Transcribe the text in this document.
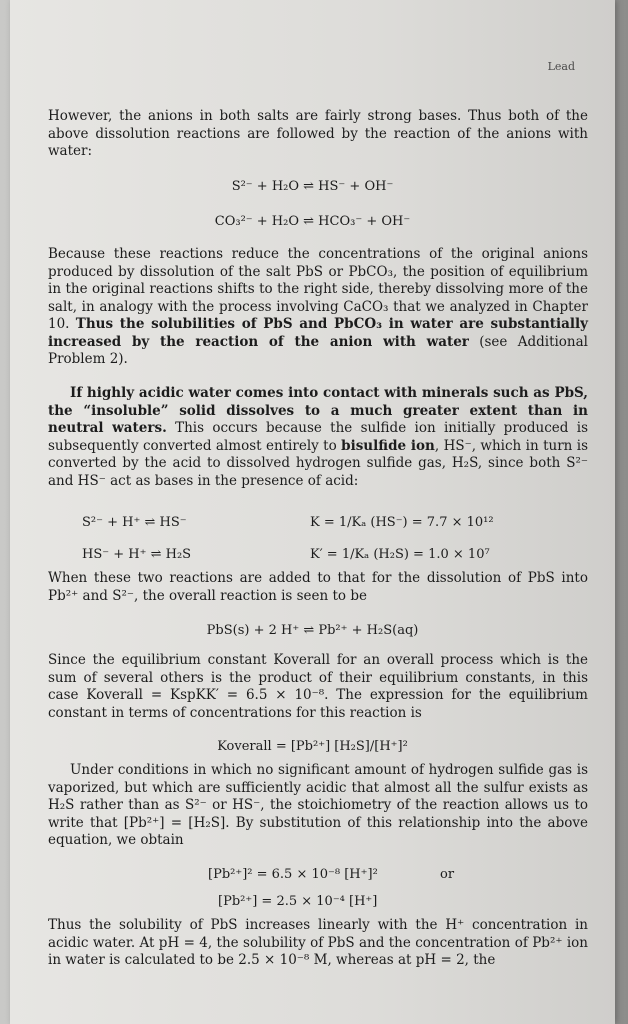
Lead
However, the anions in both salts are fairly strong bases. Thus both of the above dissolution reactions are followed by the reaction of the anions with water:
S²⁻ + H₂O ⇌ HS⁻ + OH⁻
CO₃²⁻ + H₂O ⇌ HCO₃⁻ + OH⁻
Because these reactions reduce the concentrations of the original anions produced by dissolution of the salt PbS or PbCO₃, the position of equilibrium in the original reactions shifts to the right side, thereby dissolving more of the salt, in analogy with the process involving CaCO₃ that we analyzed in Chapter 10. Thus the solubilities of PbS and PbCO₃ in water are substantially increased by the reaction of the anion with water (see Additional Problem 2).
If highly acidic water comes into contact with minerals such as PbS, the “insoluble” solid dissolves to a much greater extent than in neutral waters. This occurs because the sulfide ion initially produced is subsequently converted almost entirely to bisulfide ion, HS⁻, which in turn is converted by the acid to dissolved hydrogen sulfide gas, H₂S, since both S²⁻ and HS⁻ act as bases in the presence of acid:
S²⁻ + H⁺ ⇌ HS⁻	K = 1/Kₐ (HS⁻) = 7.7 × 10¹²
HS⁻ + H⁺ ⇌ H₂S	K′ = 1/Kₐ (H₂S) = 1.0 × 10⁷
When these two reactions are added to that for the dissolution of PbS into Pb²⁺ and S²⁻, the overall reaction is seen to be
PbS(s) + 2 H⁺ ⇌ Pb²⁺ + H₂S(aq)
Since the equilibrium constant Koverall for an overall process which is the sum of several others is the product of their equilibrium constants, in this case Koverall = KspKK′ = 6.5 × 10⁻⁸. The expression for the equilibrium constant in terms of concentrations for this reaction is
Koverall = [Pb²⁺] [H₂S]/[H⁺]²
Under conditions in which no significant amount of hydrogen sulfide gas is vaporized, but which are sufficiently acidic that almost all the sulfur exists as H₂S rather than as S²⁻ or HS⁻, the stoichiometry of the reaction allows us to write that [Pb²⁺] = [H₂S]. By substitution of this relationship into the above equation, we obtain
[Pb²⁺]² = 6.5 × 10⁻⁸ [H⁺]²	or
[Pb²⁺] = 2.5 × 10⁻⁴ [H⁺]
Thus the solubility of PbS increases linearly with the H⁺ concentration in acidic water. At pH = 4, the solubility of PbS and the concentration of Pb²⁺ ion in water is calculated to be 2.5 × 10⁻⁸ M, whereas at pH = 2, the
